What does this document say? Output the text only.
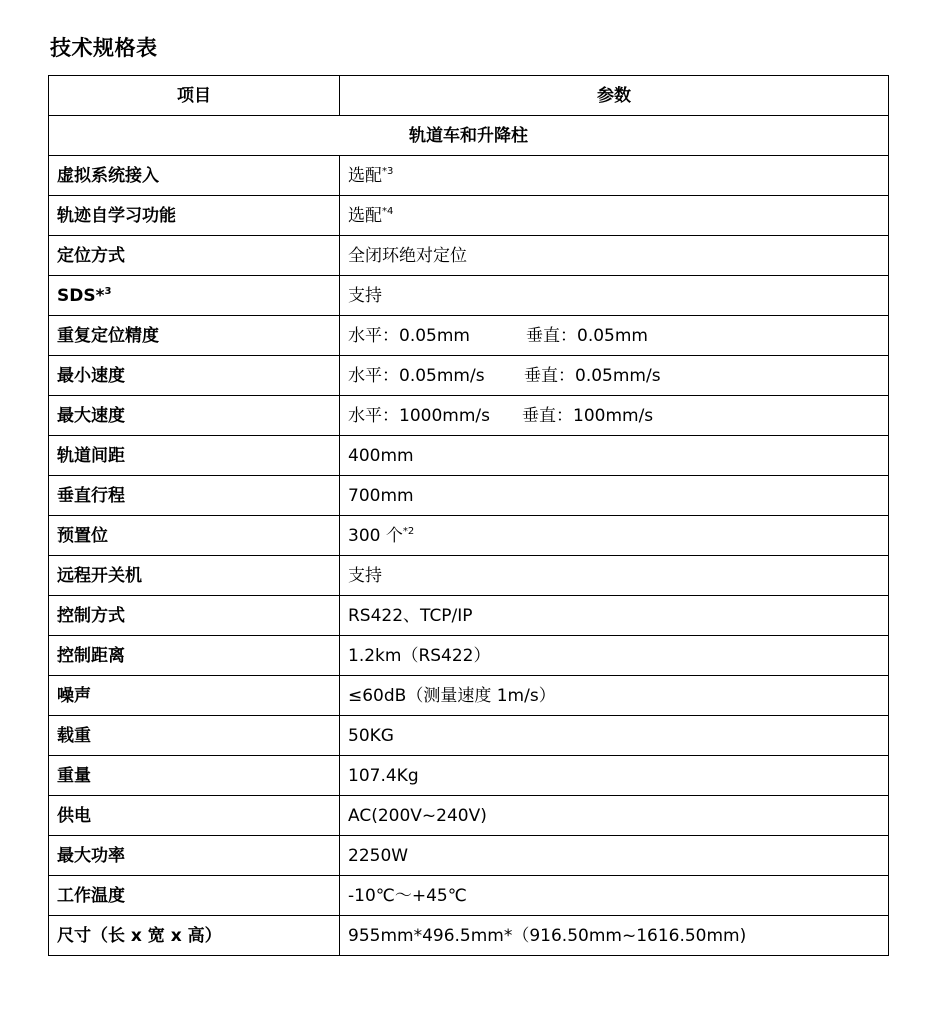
技术规格表
项目	参数
轨道车和升降柱	
虚拟系统接入	选配$^{*3}$
轨迹自学习功能	选配$^{*4}$
定位方式	全闭环绝对定位
SDS*$^3$	支持
重复定位精度	水平：0.05mm 垂直：0.05mm
最小速度	水平：0.05mm/s 垂直：0.05mm/s
最大速度	水平：1000mm/s 垂直：100mm/s
轨道间距	400mm
垂直行程	700mm
预置位	300 个$^{*2}$
远程开关机	支持
控制方式	RS422、TCP/IP
控制距离	1.2km（RS422）
噪声	≤60dB（测量速度 1m/s）
载重	50KG
重量	107.4Kg
供电	AC(200V~240V)
最大功率	2250W
工作温度	-10℃～+45℃
尺寸（长 x 宽 x 高）	955mm*496.5mm*（916.50mm~1616.50mm)
